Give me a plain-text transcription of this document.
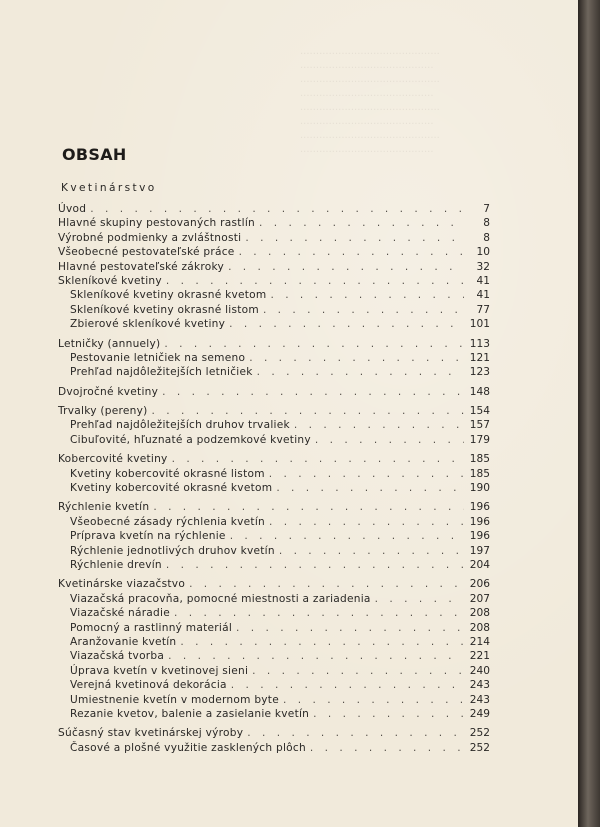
............................................
..........................................
............................................
..........................................
............................................
..........................................
............................................
..........................................
OBSAH
Kvetinárstvo
Úvod . . .	7
Hlavné skupiny pestovaných rastlín . . .	8
Výrobné podmienky a zvláštnosti . . .	8
Všeobecné pestovateľské práce . . .	10
Hlavné pestovateľské zákroky . . .	32
Skleníkové kvetiny . . .	41
Skleníkové kvetiny okrasné kvetom . . .	41
Skleníkové kvetiny okrasné listom . . .	77
Zbierové skleníkové kvetiny . . .	101
Letničky (annuely) . . .	113
Pestovanie letničiek na semeno . . .	121
Prehľad najdôležitejších letničiek . . .	123
Dvojročné kvetiny . . .	148
Trvalky (pereny) . . .	154
Prehľad najdôležitejších druhov trvaliek . . .	157
Cibuľovité, hľuznaté a podzemkové kvetiny . . .	179
Kobercovité kvetiny . . .	185
Kvetiny kobercovité okrasné listom . . .	185
Kvetiny kobercovité okrasné kvetom . . .	190
Rýchlenie kvetín . . .	196
Všeobecné zásady rýchlenia kvetín . . .	196
Príprava kvetín na rýchlenie . . .	196
Rýchlenie jednotlivých druhov kvetín . . .	197
Rýchlenie drevín . . .	204
Kvetinárske viazačstvo . . .	206
Viazačská pracovňa, pomocné miestnosti a zariadenia . . .	207
Viazačské náradie . . .	208
Pomocný a rastlinný materiál . . .	208
Aranžovanie kvetín . . .	214
Viazačská tvorba . . .	221
Úprava kvetín v kvetinovej sieni . . .	240
Verejná kvetinová dekorácia . . .	243
Umiestnenie kvetín v modernom byte . . .	243
Rezanie kvetov, balenie a zasielanie kvetín . . .	249
Súčasný stav kvetinárskej výroby . . .	252
Časové a plošné využitie zasklených plôch . . .	252
